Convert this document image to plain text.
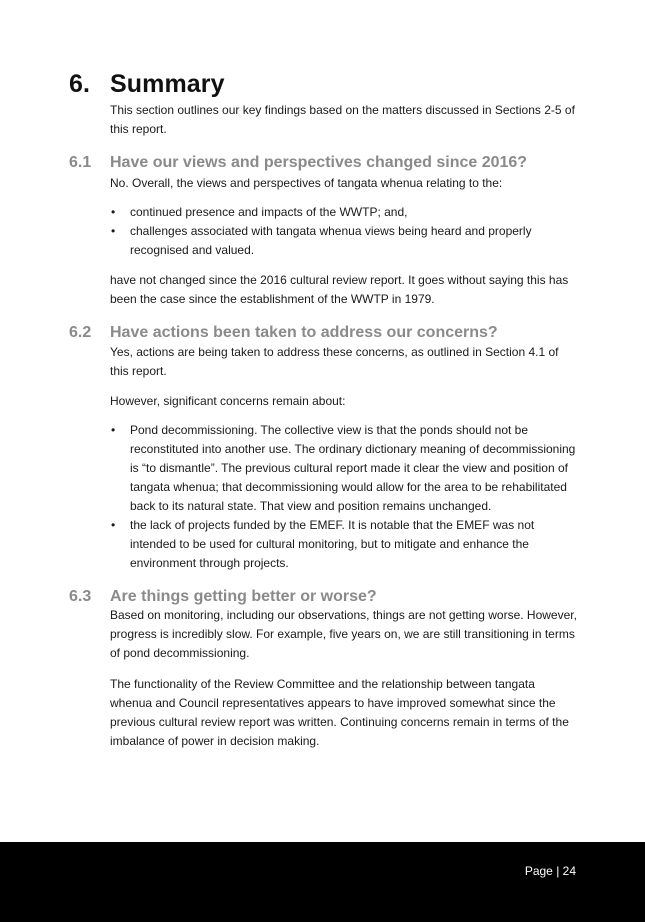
6. Summary

This section outlines our key findings based on the matters discussed in Sections 2-5 of this report.

6.1 Have our views and perspectives changed since 2016?

No. Overall, the views and perspectives of tangata whenua relating to the:

• continued presence and impacts of the WWTP; and,
• challenges associated with tangata whenua views being heard and properly recognised and valued.

have not changed since the 2016 cultural review report. It goes without saying this has been the case since the establishment of the WWTP in 1979.

6.2 Have actions been taken to address our concerns?

Yes, actions are being taken to address these concerns, as outlined in Section 4.1 of this report.

However, significant concerns remain about:

• Pond decommissioning. The collective view is that the ponds should not be reconstituted into another use. The ordinary dictionary meaning of decommissioning is “to dismantle”. The previous cultural report made it clear the view and position of tangata whenua; that decommissioning would allow for the area to be rehabilitated back to its natural state. That view and position remains unchanged.
• the lack of projects funded by the EMEF. It is notable that the EMEF was not intended to be used for cultural monitoring, but to mitigate and enhance the environment through projects.
6.3 Are things getting better or worse?

Based on monitoring, including our observations, things are not getting worse. However, progress is incredibly slow. For example, five years on, we are still transitioning in terms of pond decommissioning.

The functionality of the Review Committee and the relationship between tangata whenua and Council representatives appears to have improved somewhat since the previous cultural review report was written. Continuing concerns remain in terms of the imbalance of power in decision making.

Page | 24
